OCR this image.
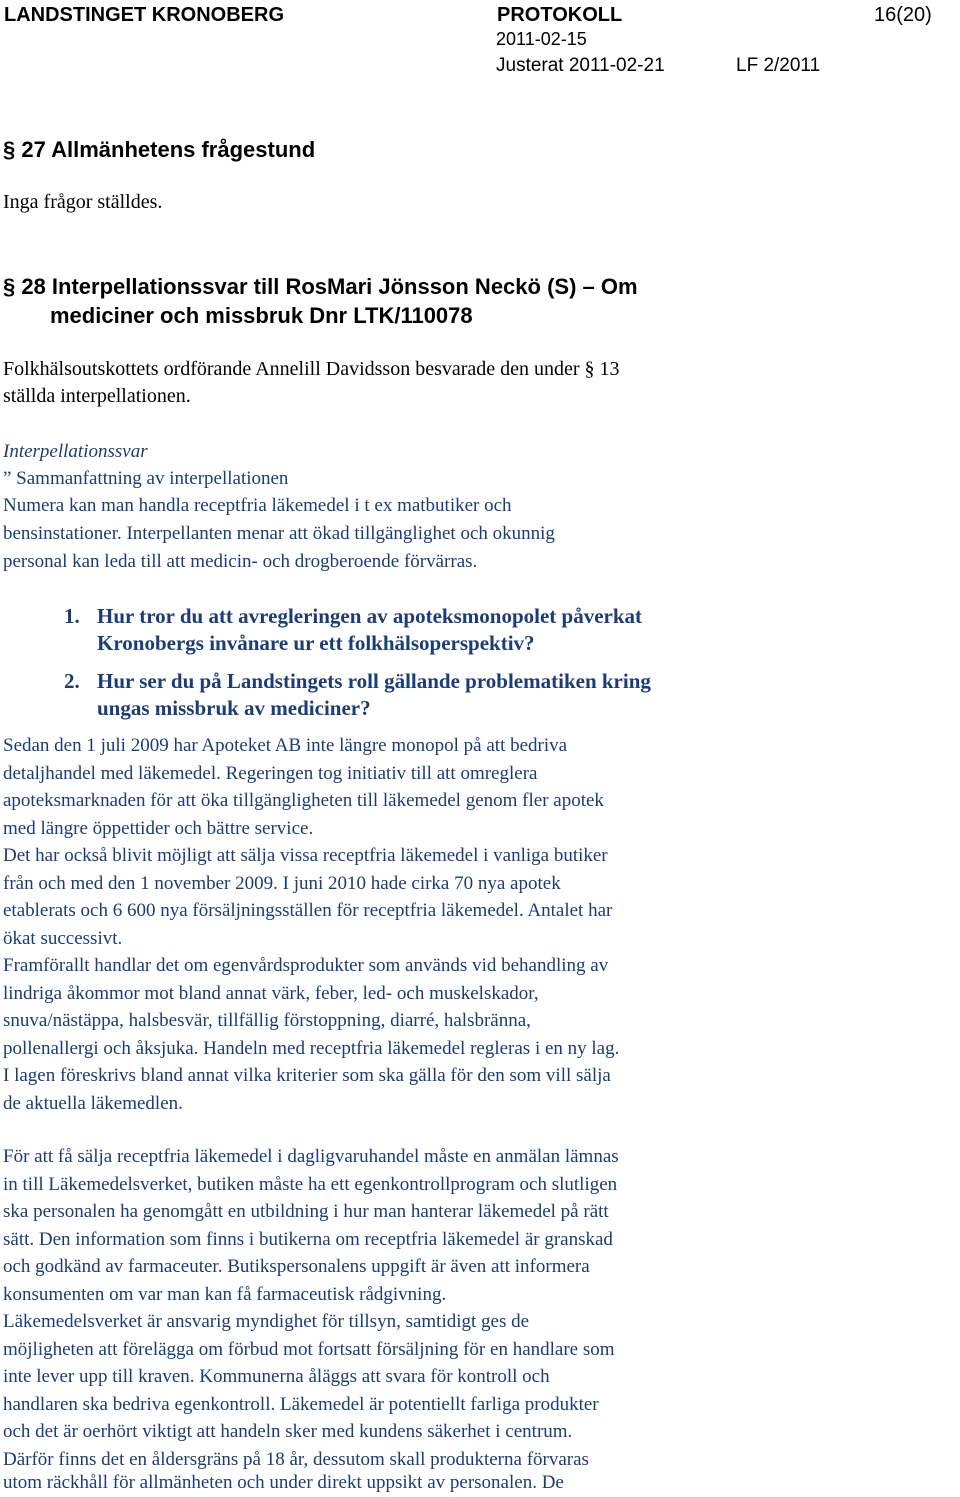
LANDSTINGET KRONOBERG	PROTOKOLL
2011-02-15
16(20)
Justerat 2011-02-21	LF 2/2011
§ 27 Allmänhetens frågestund
Inga frågor ställdes.
§ 28 Interpellationssvar till RosMari Jönsson Neckö (S) – Om
mediciner och missbruk Dnr LTK/110078
Folkhälsoutskottets ordförande Annelill Davidsson besvarade den under § 13
ställda interpellationen.
Interpellationssvar
” Sammanfattning av interpellationen
Numera kan man handla receptfria läkemedel i t ex matbutiker och
bensinstationer. Interpellanten menar att ökad tillgänglighet och okunnig
personal kan leda till att medicin- och drogberoende förvärras.
1. Hur tror du att avregleringen av apoteksmonopolet påverkat
Kronobergs invånare ur ett folkhälsoperspektiv?
2. Hur ser du på Landstingets roll gällande problematiken kring
ungas missbruk av mediciner?
Sedan den 1 juli 2009 har Apoteket AB inte längre monopol på att bedriva
detaljhandel med läkemedel. Regeringen tog initiativ till att omreglera
apoteksmarknaden för att öka tillgängligheten till läkemedel genom fler apotek
med längre öppettider och bättre service.
Det har också blivit möjligt att sälja vissa receptfria läkemedel i vanliga butiker
från och med den 1 november 2009. I juni 2010 hade cirka 70 nya apotek
etablerats och 6 600 nya försäljningsställen för receptfria läkemedel. Antalet har
ökat successivt.
Framförallt handlar det om egenvårdsprodukter som används vid behandling av
lindriga åkommor mot bland annat värk, feber, led- och muskelskador,
snuva/nästäppa, halsbesvär, tillfällig förstoppning, diarré, halsbränna,
pollenallergi och åksjuka. Handeln med receptfria läkemedel regleras i en ny lag.
I lagen föreskrivs bland annat vilka kriterier som ska gälla för den som vill sälja
de aktuella läkemedlen.
För att få sälja receptfria läkemedel i dagligvaruhandel måste en anmälan lämnas
in till Läkemedelsverket, butiken måste ha ett egenkontrollprogram och slutligen
ska personalen ha genomgått en utbildning i hur man hanterar läkemedel på rätt
sätt. Den information som finns i butikerna om receptfria läkemedel är granskad
och godkänd av farmaceuter. Butikspersonalens uppgift är även att informera
konsumenten om var man kan få farmaceutisk rådgivning.
Läkemedelsverket är ansvarig myndighet för tillsyn, samtidigt ges de
möjligheten att förelägga om förbud mot fortsatt försäljning för en handlare som
inte lever upp till kraven. Kommunerna åläggs att svara för kontroll och
handlaren ska bedriva egenkontroll. Läkemedel är potentiellt farliga produkter
och det är oerhört viktigt att handeln sker med kundens säkerhet i centrum.
Därför finns det en åldersgräns på 18 år, dessutom skall produkterna förvaras
utom räckhåll för allmänheten och under direkt uppsikt av personalen. De
